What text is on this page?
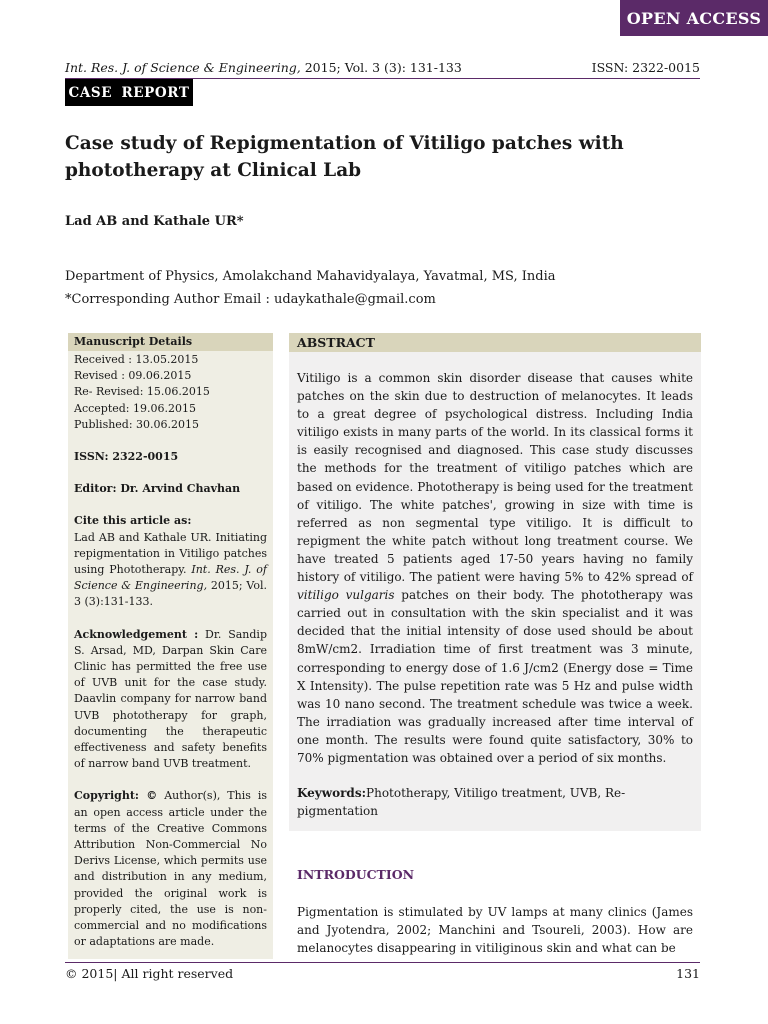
OPEN ACCESS
Int. Res. J. of Science & Engineering, 2015; Vol. 3 (3): 131-133	ISSN: 2322-0015
CASE REPORT
Case study of Repigmentation of Vitiligo patches with phototherapy at Clinical Lab
Lad AB and Kathale UR*
Department of Physics, Amolakchand Mahavidyalaya, Yavatmal, MS, India
*Corresponding Author Email : udaykathale@gmail.com
Manuscript Details
Received : 13.05.2015
Revised : 09.06.2015
Re- Revised: 15.06.2015
Accepted: 19.06.2015
Published: 30.06.2015
ISSN: 2322-0015
Editor: Dr. Arvind Chavhan
Cite this article as:
Lad AB and Kathale UR. Initiating repigmentation in Vitiligo patches using Phototherapy. Int. Res. J. of Science & Engineering, 2015; Vol. 3 (3):131-133.
Acknowledgement : Dr. Sandip S. Arsad, MD, Darpan Skin Care Clinic has permitted the free use of UVB unit for the case study. Daavlin company for narrow band UVB phototherapy for graph, documenting the therapeutic effectiveness and safety benefits of narrow band UVB treatment.
Copyright: © Author(s), This is an open access article under the terms of the Creative Commons Attribution Non-Commercial No Derivs License, which permits use and distribution in any medium, provided the original work is properly cited, the use is non-commercial and no modifications or adaptations are made.
ABSTRACT
Vitiligo is a common skin disorder disease that causes white patches on the skin due to destruction of melanocytes. It leads to a great degree of psychological distress. Including India vitiligo exists in many parts of the world. In its classical forms it is easily recognised and diagnosed. This case study discusses the methods for the treatment of vitiligo patches which are based on evidence. Phototherapy is being used for the treatment of vitiligo. The white patches', growing in size with time is referred as non segmental type vitiligo. It is difficult to repigment the white patch without long treatment course. We have treated 5 patients aged 17-50 years having no family history of vitiligo. The patient were having 5% to 42% spread of vitiligo vulgaris patches on their body. The phototherapy was carried out in consultation with the skin specialist and it was decided that the initial intensity of dose used should be about 8mW/cm2. Irradiation time of first treatment was 3 minute, corresponding to energy dose of 1.6 J/cm2 (Energy dose = Time X Intensity). The pulse repetition rate was 5 Hz and pulse width was 10 nano second. The treatment schedule was twice a week. The irradiation was gradually increased after time interval of one month. The results were found quite satisfactory, 30% to 70% pigmentation was obtained over a period of six months.
Keywords:Phototherapy, Vitiligo treatment, UVB, Re-pigmentation
INTRODUCTION

Pigmentation is stimulated by UV lamps at many clinics (James and Jyotendra, 2002; Manchini and Tsoureli, 2003). How are melanocytes disappearing in vitiliginous skin and what can be

© 2015| All right reserved	131
